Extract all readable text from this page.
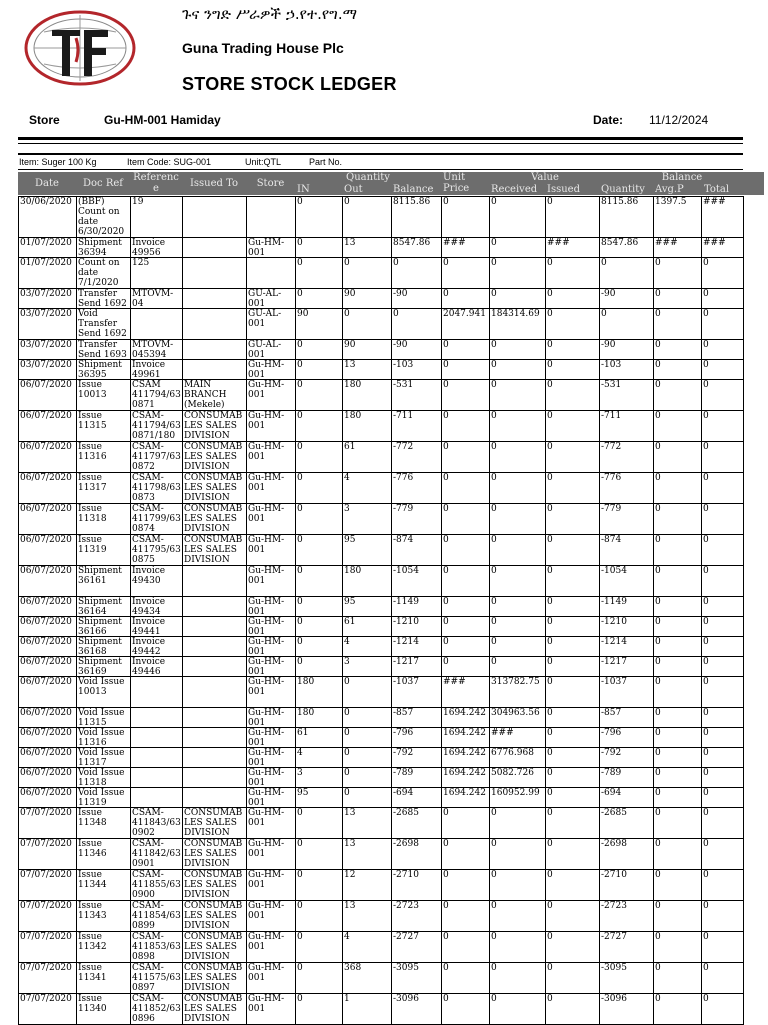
ጉና ንግድ ሥራዎች ኃ.የተ.የግ.ማ
Guna Trading House Plc
STORE STOCK LEDGER
Store	Gu-HM-001 Hamiday	Date: 11/12/2024
Item: Suger 100 Kg	Item Code: SUG-001	Unit:QTL	Part No.
Date	Doc Ref
Referenc e	Issued To	Store
Quantity
IN	Out	Balance
Unit Price
Value
Received Issued
Balance
Quantity	Avg.P	Total
30/06/2020	(BBF) Count on date 6/30/2020	19			0	0	8115.86	0	0	0	8115.86	1397.5	###

01/07/2020	Shipment 36394	Invoice 49956		Gu-HM-001	0	13	8547.86	###	0	###	8547.86	###	###

01/07/2020	Count on date 7/1/2020	125			0	0	0	0	0	0	0	0	0

03/07/2020	Transfer Send 1692	MTOVM-04		GU-AL-001	0	90	-90	0	0	0	-90	0	0

03/07/2020	Void Transfer Send 1692			GU-AL-001	90	0	0	2047.941	184314.69	0	0	0	0

03/07/2020	Transfer Send 1693	MTOVM-045394		GU-AL-001	0	90	-90	0	0	0	-90	0	0

03/07/2020	Shipment 36395	Invoice 49961		Gu-HM-001	0	13	-103	0	0	0	-103	0	0

06/07/2020	Issue 10013	CSAM 411794/63 0871	MAIN BRANCH (Mekele)	Gu-HM-001	0	180	-531	0	0	0	-531	0	0

06/07/2020	Issue 11315	CSAM-411794/63 0871/180	CONSUMAB LES SALES DIVISION	Gu-HM-001	0	180	-711	0	0	0	-711	0	0

06/07/2020	Issue 11316	CSAM-411797/63 0872	CONSUMAB LES SALES DIVISION	Gu-HM-001	0	61	-772	0	0	0	-772	0	0

06/07/2020	Issue 11317	CSAM-411798/63 0873	CONSUMAB LES SALES DIVISION	Gu-HM-001	0	4	-776	0	0	0	-776	0	0

06/07/2020	Issue 11318	CSAM-411799/63 0874	CONSUMAB LES SALES DIVISION	Gu-HM-001	0	3	-779	0	0	0	-779	0	0

06/07/2020	Issue 11319	CSAM-411795/63 0875	CONSUMAB LES SALES DIVISION	Gu-HM-001	0	95	-874	0	0	0	-874	0	0

06/07/2020	Shipment 36161	Invoice 49430		Gu-HM-001	0	180	-1054	0	0	0	-1054	0	0

06/07/2020	Shipment 36164	Invoice 49434		Gu-HM-001	0	95	-1149	0	0	0	-1149	0	0

06/07/2020	Shipment 36166	Invoice 49441		Gu-HM-001	0	61	-1210	0	0	0	-1210	0	0

06/07/2020	Shipment 36168	Invoice 49442		Gu-HM-001	0	4	-1214	0	0	0	-1214	0	0

06/07/2020	Shipment 36169	Invoice 49446		Gu-HM-001	0	3	-1217	0	0	0	-1217	0	0

06/07/2020	Void Issue 10013			Gu-HM-001	180	0	-1037	###	313782.75	0	-1037	0	0

06/07/2020	Void Issue 11315			Gu-HM-001	180	0	-857	1694.242	304963.56	0	-857	0	0

06/07/2020	Void Issue 11316			Gu-HM-001	61	0	-796	1694.242	###	0	-796	0	0

06/07/2020	Void Issue 11317			Gu-HM-001	4	0	-792	1694.242	6776.968	0	-792	0	0

06/07/2020	Void Issue 11318			Gu-HM-001	3	0	-789	1694.242	5082.726	0	-789	0	0

06/07/2020	Void Issue 11319			Gu-HM-001	95	0	-694	1694.242	160952.99	0	-694	0	0

07/07/2020	Issue 11348	CSAM-411843/63 0902	CONSUMAB LES SALES DIVISION	Gu-HM-001	0	13	-2685	0	0	0	-2685	0	0

07/07/2020	Issue 11346	CSAM-411842/63 0901	CONSUMAB LES SALES DIVISION	Gu-HM-001	0	13	-2698	0	0	0	-2698	0	0

07/07/2020	Issue 11344	CSAM-411855/63 0900	CONSUMAB LES SALES DIVISION	Gu-HM-001	0	12	-2710	0	0	0	-2710	0	0

07/07/2020	Issue 11343	CSAM-411854/63 0899	CONSUMAB LES SALES DIVISION	Gu-HM-001	0	13	-2723	0	0	0	-2723	0	0

07/07/2020	Issue 11342	CSAM-411853/63 0898	CONSUMAB LES SALES DIVISION	Gu-HM-001	0	4	-2727	0	0	0	-2727	0	0

07/07/2020	Issue 11341	CSAM-411575/63 0897	CONSUMAB LES SALES DIVISION	Gu-HM-001	0	368	-3095	0	0	0	-3095	0	0

07/07/2020	Issue 11340	CSAM-411852/63 0896	CONSUMAB LES SALES DIVISION	Gu-HM-001	0	1	-3096	0	0	0	-3096	0	0
